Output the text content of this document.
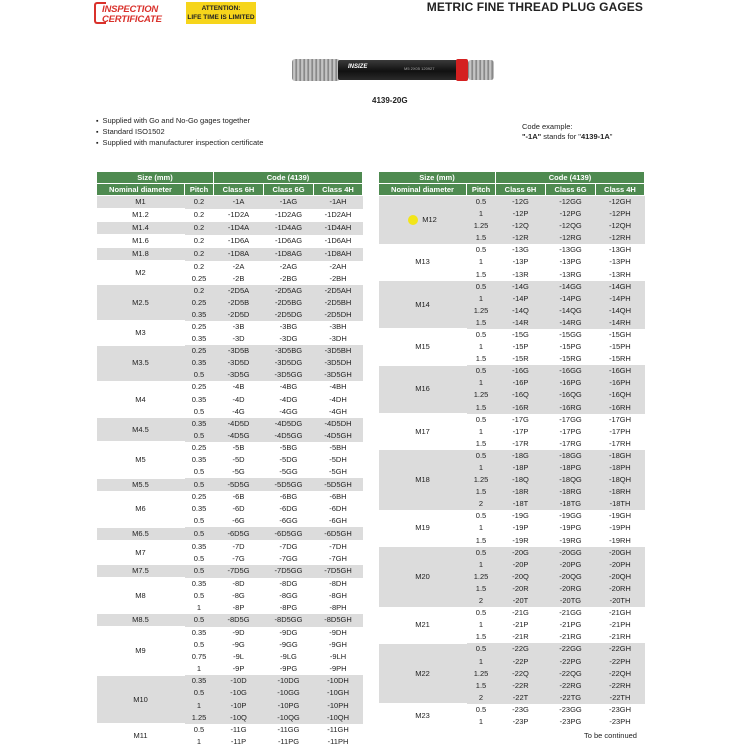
INSPECTION
CERTIFICATE
ATTENTION:
LIFE TIME IS LIMITED
METRIC FINE THREAD PLUG GAGES
INSIZE	M5 2X05 120927
4139-20G
▪ Supplied with Go and No-Go gages together
▪ Standard ISO1502
▪ Supplied with manufacturer inspection certificate
Code example:
"-1A" stands for "4139-1A"
Size (mm)		Code (4139)		
Nominal diameter	Pitch	Class 6H	Class 6G	Class 4H
M1	0.2	-1A	-1AG	-1AH
M1.2	0.2	-1D2A	-1D2AG	-1D2AH
M1.4	0.2	-1D4A	-1D4AG	-1D4AH
M1.6	0.2	-1D6A	-1D6AG	-1D6AH
M1.8	0.2	-1D8A	-1D8AG	-1D8AH
M2	0.2	-2A	-2AG	-2AH
	0.25	-2B	-2BG	-2BH
M2.5	0.2	-2D5A	-2D5AG	-2D5AH
	0.25	-2D5B	-2D5BG	-2D5BH
	0.35	-2D5D	-2D5DG	-2D5DH
M3	0.25	-3B	-3BG	-3BH
	0.35	-3D	-3DG	-3DH
M3.5	0.25	-3D5B	-3D5BG	-3D5BH
	0.35	-3D5D	-3D5DG	-3D5DH
	0.5	-3D5G	-3D5GG	-3D5GH
M4	0.25	-4B	-4BG	-4BH
	0.35	-4D	-4DG	-4DH
	0.5	-4G	-4GG	-4GH
M4.5	0.35	-4D5D	-4D5DG	-4D5DH
	0.5	-4D5G	-4D5GG	-4D5GH
M5	0.25	-5B	-5BG	-5BH
	0.35	-5D	-5DG	-5DH
	0.5	-5G	-5GG	-5GH
M5.5	0.5	-5D5G	-5D5GG	-5D5GH
M6	0.25	-6B	-6BG	-6BH
	0.35	-6D	-6DG	-6DH
	0.5	-6G	-6GG	-6GH
M6.5	0.5	-6D5G	-6D5GG	-6D5GH
M7	0.35	-7D	-7DG	-7DH
	0.5	-7G	-7GG	-7GH
M7.5	0.5	-7D5G	-7D5GG	-7D5GH
M8	0.35	-8D	-8DG	-8DH
	0.5	-8G	-8GG	-8GH
	1	-8P	-8PG	-8PH
M8.5	0.5	-8D5G	-8D5GG	-8D5GH
M9	0.35	-9D	-9DG	-9DH
	0.5	-9G	-9GG	-9GH
	0.75	-9L	-9LG	-9LH
	1	-9P	-9PG	-9PH
M10	0.35	-10D	-10DG	-10DH
	0.5	-10G	-10GG	-10GH
	1	-10P	-10PG	-10PH
	1.25	-10Q	-10QG	-10QH
M11	0.5	-11G	-11GG	-11GH
	1	-11P	-11PG	-11PH
Size (mm)		Code (4139)		
Nominal diameter	Pitch	Class 6H	Class 6G	Class 4H
M12	0.5	-12G	-12GG	-12GH
	1	-12P	-12PG	-12PH
	1.25	-12Q	-12QG	-12QH
	1.5	-12R	-12RG	-12RH
M13	0.5	-13G	-13GG	-13GH
	1	-13P	-13PG	-13PH
	1.5	-13R	-13RG	-13RH
M14	0.5	-14G	-14GG	-14GH
	1	-14P	-14PG	-14PH
	1.25	-14Q	-14QG	-14QH
	1.5	-14R	-14RG	-14RH
M15	0.5	-15G	-15GG	-15GH
	1	-15P	-15PG	-15PH
	1.5	-15R	-15RG	-15RH
M16	0.5	-16G	-16GG	-16GH
	1	-16P	-16PG	-16PH
	1.25	-16Q	-16QG	-16QH
	1.5	-16R	-16RG	-16RH
M17	0.5	-17G	-17GG	-17GH
	1	-17P	-17PG	-17PH
	1.5	-17R	-17RG	-17RH
M18	0.5	-18G	-18GG	-18GH
	1	-18P	-18PG	-18PH
	1.25	-18Q	-18QG	-18QH
	1.5	-18R	-18RG	-18RH
	2	-18T	-18TG	-18TH
M19	0.5	-19G	-19GG	-19GH
	1	-19P	-19PG	-19PH
	1.5	-19R	-19RG	-19RH
M20	0.5	-20G	-20GG	-20GH
	1	-20P	-20PG	-20PH
	1.25	-20Q	-20QG	-20QH
	1.5	-20R	-20RG	-20RH
	2	-20T	-20TG	-20TH
M21	0.5	-21G	-21GG	-21GH
	1	-21P	-21PG	-21PH
	1.5	-21R	-21RG	-21RH
M22	0.5	-22G	-22GG	-22GH
	1	-22P	-22PG	-22PH
	1.25	-22Q	-22QG	-22QH
	1.5	-22R	-22RG	-22RH
	2	-22T	-22TG	-22TH
M23	0.5	-23G	-23GG	-23GH
	1	-23P	-23PG	-23PH
To be continued
